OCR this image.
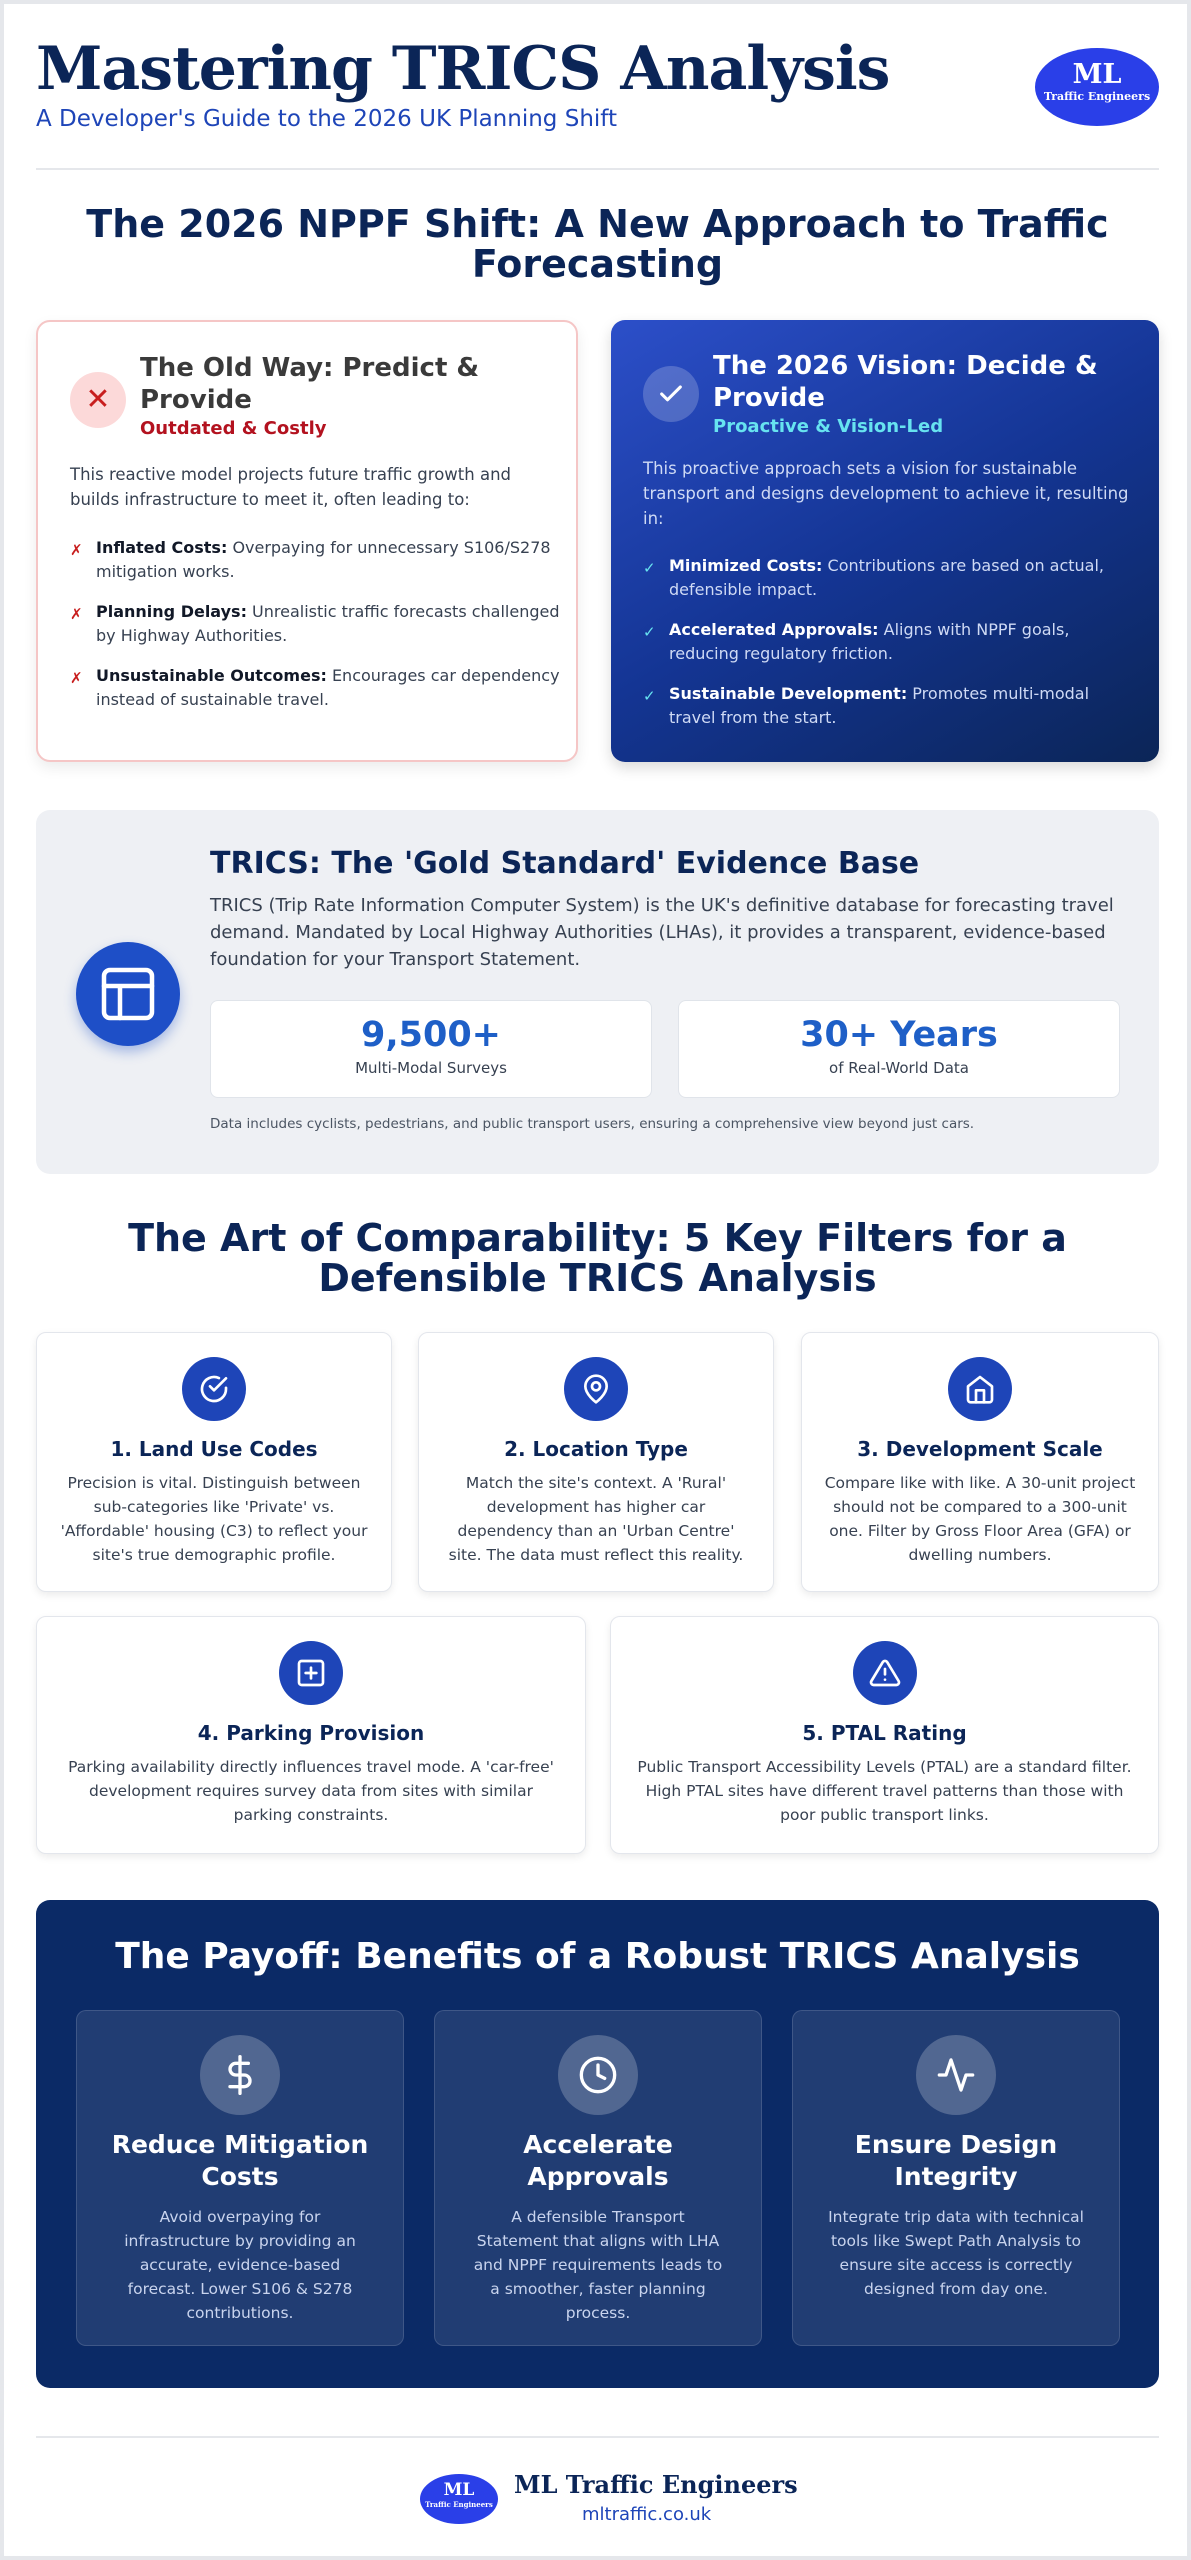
Mastering TRICS Analysis
A Developer's Guide to the 2026 UK Planning Shift
ML
Traffic Engineers
The 2026 NPPF Shift: A New Approach to Traffic Forecasting
✕
The Old Way: Predict & Provide
Outdated & Costly
This reactive model projects future traffic growth and builds infrastructure to meet it, often leading to:
✗ Inflated Costs: Overpaying for unnecessary S106/S278 mitigation works.
✗ Planning Delays: Unrealistic traffic forecasts challenged by Highway Authorities.
✗ Unsustainable Outcomes: Encourages car dependency instead of sustainable travel.
The 2026 Vision: Decide & Provide
Proactive & Vision-Led
This proactive approach sets a vision for sustainable transport and designs development to achieve it, resulting in:
✓ Minimized Costs: Contributions are based on actual, defensible impact.
✓ Accelerated Approvals: Aligns with NPPF goals, reducing regulatory friction.
✓ Sustainable Development: Promotes multi-modal travel from the start.
TRICS: The 'Gold Standard' Evidence Base
TRICS (Trip Rate Information Computer System) is the UK's definitive database for forecasting travel demand. Mandated by Local Highway Authorities (LHAs), it provides a transparent, evidence-based foundation for your Transport Statement.
9,500+
Multi-Modal Surveys
30+ Years
of Real-World Data
Data includes cyclists, pedestrians, and public transport users, ensuring a comprehensive view beyond just cars.
The Art of Comparability: 5 Key Filters for a Defensible TRICS Analysis
1. Land Use Codes
Precision is vital. Distinguish between sub-categories like 'Private' vs. 'Affordable' housing (C3) to reflect your site's true demographic profile.
2. Location Type
Match the site's context. A 'Rural' development has higher car dependency than an 'Urban Centre' site. The data must reflect this reality.
3. Development Scale
Compare like with like. A 30-unit project should not be compared to a 300-unit one. Filter by Gross Floor Area (GFA) or dwelling numbers.
4. Parking Provision
Parking availability directly influences travel mode. A 'car-free' development requires survey data from sites with similar parking constraints.
5. PTAL Rating
Public Transport Accessibility Levels (PTAL) are a standard filter. High PTAL sites have different travel patterns than those with poor public transport links.
The Payoff: Benefits of a Robust TRICS Analysis
Reduce Mitigation Costs
Avoid overpaying for infrastructure by providing an accurate, evidence-based forecast. Lower S106 & S278 contributions.
Accelerate Approvals
A defensible Transport Statement that aligns with LHA and NPPF requirements leads to a smoother, faster planning process.
Ensure Design Integrity
Integrate trip data with technical tools like Swept Path Analysis to ensure site access is correctly designed from day one.
ML
Traffic Engineers
ML Traffic Engineers
mltraffic.co.uk
